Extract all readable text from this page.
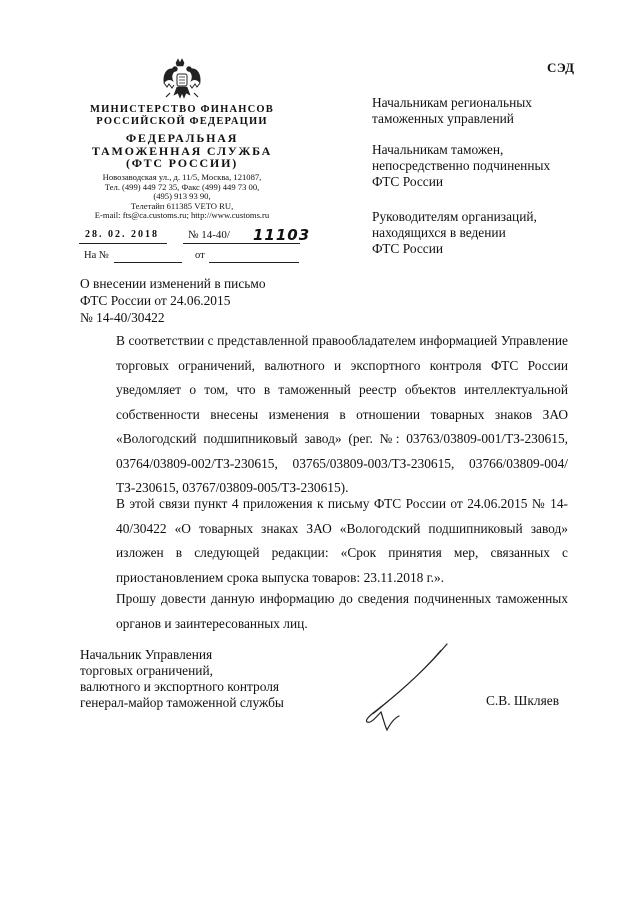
СЭД
МИНИСТЕРСТВО ФИНАНСОВ
РОССИЙСКОЙ ФЕДЕРАЦИИ
ФЕДЕРАЛЬНАЯ
ТАМОЖЕННАЯ СЛУЖБА
(ФТС РОССИИ)
Новозаводская ул., д. 11/5, Москва, 121087,
Тел. (499) 449 72 35, Факс (499) 449 73 00,
(495) 913 93 90,
Телетайп 611385 VETO RU,
E-mail: fts@ca.customs.ru; http://www.customs.ru
28. 02. 2018	№ 14-40/ 11103
На №	от
Начальникам региональных
таможенных управлений
Начальникам таможен,
непосредственно подчиненных
ФТС России
Руководителям организаций,
находящихся в ведении
ФТС России
О внесении изменений в письмо
ФТС России от 24.06.2015
№ 14-40/30422
В соответствии с представленной правообладателем информацией Управление торговых ограничений, валютного и экспортного контроля ФТС России уведомляет о том, что в таможенный реестр объектов интеллектуальной собственности внесены изменения в отношении товарных знаков ЗАО «Вологодский подшипниковый завод» (рег. №: 03763/03809-001/ТЗ-230615, 03764/03809-002/ТЗ-230615, 03765/03809-003/ТЗ-230615, 03766/03809-004/ТЗ-230615, 03767/03809-005/ТЗ-230615).
В этой связи пункт 4 приложения к письму ФТС России от 24.06.2015 № 14-40/30422 «О товарных знаках ЗАО «Вологодский подшипниковый завод» изложен в следующей редакции: «Срок принятия мер, связанных с приостановлением срока выпуска товаров: 23.11.2018 г.».
Прошу довести данную информацию до сведения подчиненных таможенных органов и заинтересованных лиц.
Начальник Управления
торговых ограничений,
валютного и экспортного контроля
генерал-майор таможенной службы	С.В. Шкляев
